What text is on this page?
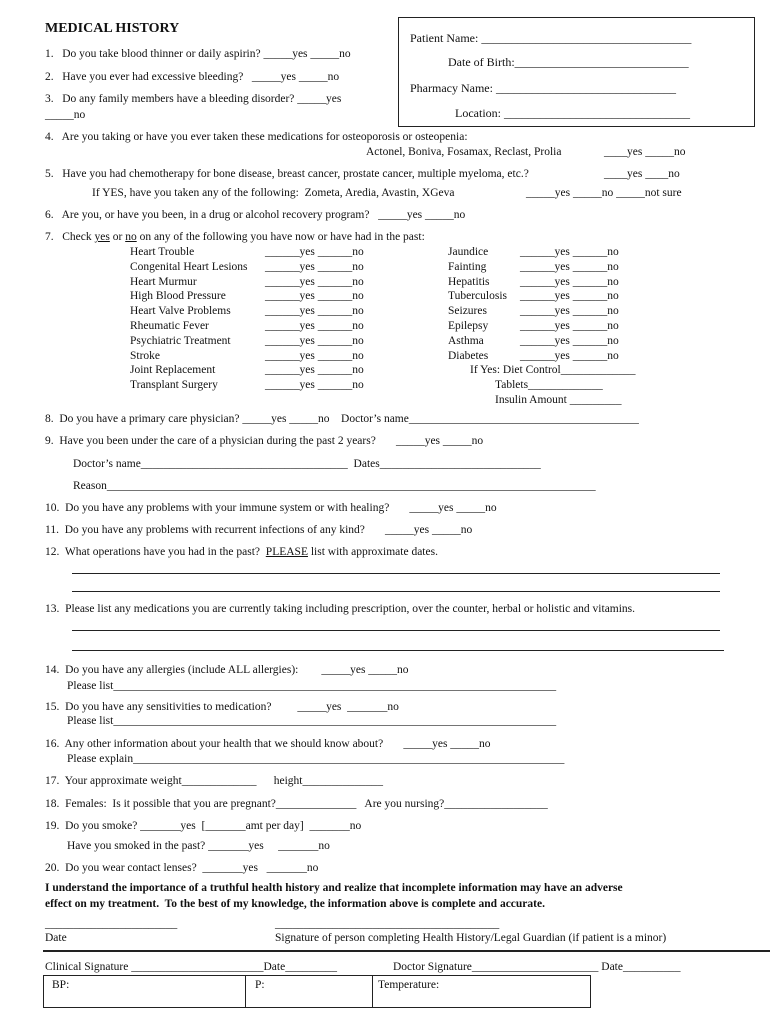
MEDICAL HISTORY
Patient Name: ___________________________________
Date of Birth:_____________________________
Pharmacy Name: ______________________________
Location: _______________________________
1.   Do you take blood thinner or daily aspirin? _____yes _____no
2.   Have you ever had excessive bleeding?   _____yes _____no
3.   Do any family members have a bleeding disorder? _____yes
_____no
4.   Are you taking or have you ever taken these medications for osteoporosis or osteopenia:
Actonel, Boniva, Fosamax, Reclast, Prolia	____yes _____no
5.   Have you had chemotherapy for bone disease, breast cancer, prostate cancer, multiple myeloma, etc.?	____yes ____no
If YES, have you taken any of the following:  Zometa, Aredia, Avastin, XGeva	_____yes _____no _____not sure
6.   Are you, or have you been, in a drug or alcohol recovery program?   _____yes _____no
7.   Check yes or no on any of the following you have now or have had in the past:
Heart Trouble	______yes ______no
Congenital Heart Lesions ______yes ______no
Heart Murmur	______yes ______no
High Blood Pressure	______yes ______no
Heart Valve Problems	______yes ______no
Rheumatic Fever	______yes ______no
Psychiatric Treatment	______yes ______no
Stroke	______yes ______no
Joint Replacement	______yes ______no
Transplant Surgery	______yes ______no
Jaundice	______yes ______no
Fainting	______yes ______no
Hepatitis	______yes ______no
Tuberculosis ______yes ______no
Seizures	______yes ______no
Epilepsy	______yes ______no
Asthma	______yes ______no
Diabetes	______yes ______no
If Yes: Diet Control_____________
Tablets_____________
Insulin Amount _________
8.  Do you have a primary care physician? _____yes _____no    Doctor’s name________________________________________
9.  Have you been under the care of a physician during the past 2 years?       _____yes _____no
Doctor’s name____________________________________  Dates____________________________
Reason_____________________________________________________________________________________
10.  Do you have any problems with your immune system or with healing?       _____yes _____no
11.  Do you have any problems with recurrent infections of any kind?       _____yes _____no
12.  What operations have you had in the past?  PLEASE list with approximate dates.
13.  Please list any medications you are currently taking including prescription, over the counter, herbal or holistic and vitamins.
14.  Do you have any allergies (include ALL allergies):        _____yes _____no
Please list_____________________________________________________________________________
15.  Do you have any sensitivities to medication?         _____yes  _______no
Please list_____________________________________________________________________________
16.  Any other information about your health that we should know about?       _____yes _____no
Please explain___________________________________________________________________________
17.  Your approximate weight_____________      height______________
18.  Females:  Is it possible that you are pregnant?______________   Are you nursing?__________________
19.  Do you smoke? _______yes  [_______amt per day]  _______no
Have you smoked in the past? _______yes     _______no
20.  Do you wear contact lenses?  _______yes   _______no
I understand the importance of a truthful health history and realize that incomplete information may have an adverse
effect on my treatment.  To the best of my knowledge, the information above is complete and accurate.
_______________________
Date
_______________________________________
Signature of person completing Health History/Legal Guardian (if patient is a minor)
Clinical Signature _______________________Date_________	Doctor Signature______________________ Date__________
BP:	P:	Temperature:
